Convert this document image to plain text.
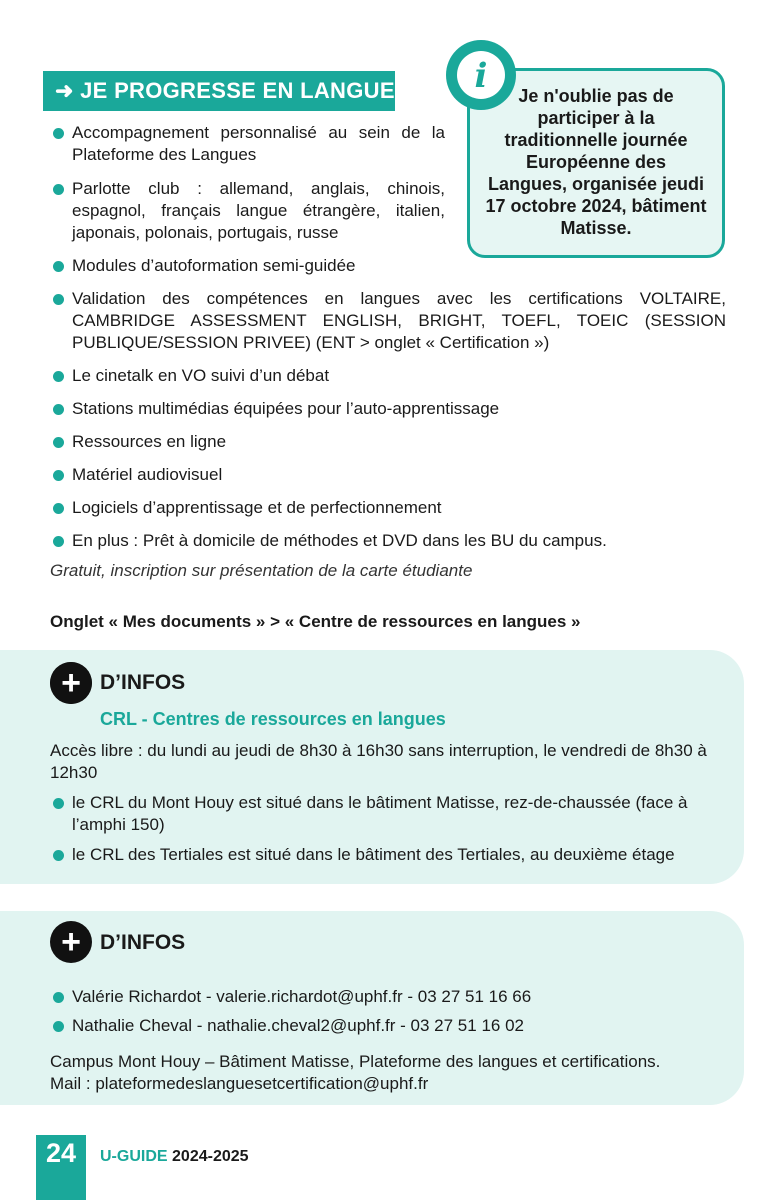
➜ JE PROGRESSE EN LANGUES
Accompagnement personnalisé au sein de la Plateforme des Langues
Parlotte club : allemand, anglais, chinois, espagnol, français langue étrangère, italien, japonais, polonais, portugais, russe
Modules d’autoformation semi-guidée
Validation des compétences en langues avec les certifications VOLTAIRE, CAMBRIDGE ASSESSMENT ENGLISH, BRIGHT, TOEFL, TOEIC (SESSION PUBLIQUE/SESSION PRIVEE) (ENT > onglet « Certification »)
Le cinetalk en VO suivi d’un débat
Stations multimédias équipées pour l’auto-apprentissage
Ressources en ligne
Matériel audiovisuel
Logiciels d’apprentissage et de perfectionnement
En plus : Prêt à domicile de méthodes et DVD dans les BU du campus.
Gratuit, inscription sur présentation de la carte étudiante
Onglet « Mes documents » > « Centre de ressources en langues »
Je n'oublie pas de participer à la traditionnelle journée Européenne des Langues, organisée jeudi 17 octobre 2024, bâtiment Matisse.
i
+ D’INFOS
CRL - Centres de ressources en langues
Accès libre : du lundi au jeudi de 8h30 à 16h30 sans interruption, le vendredi de 8h30 à 12h30
le CRL du Mont Houy est situé dans le bâtiment Matisse, rez-de-chaussée (face à l’amphi 150)
le CRL des Tertiales est situé dans le bâtiment des Tertiales, au deuxième étage
+ D’INFOS
Valérie Richardot - valerie.richardot@uphf.fr - 03 27 51 16 66
Nathalie Cheval - nathalie.cheval2@uphf.fr - 03 27 51 16 02
Campus Mont Houy – Bâtiment Matisse, Plateforme des langues et certifications.
Mail : plateformedeslanguesetcertification@uphf.fr
24	U-GUIDE 2024-2025
